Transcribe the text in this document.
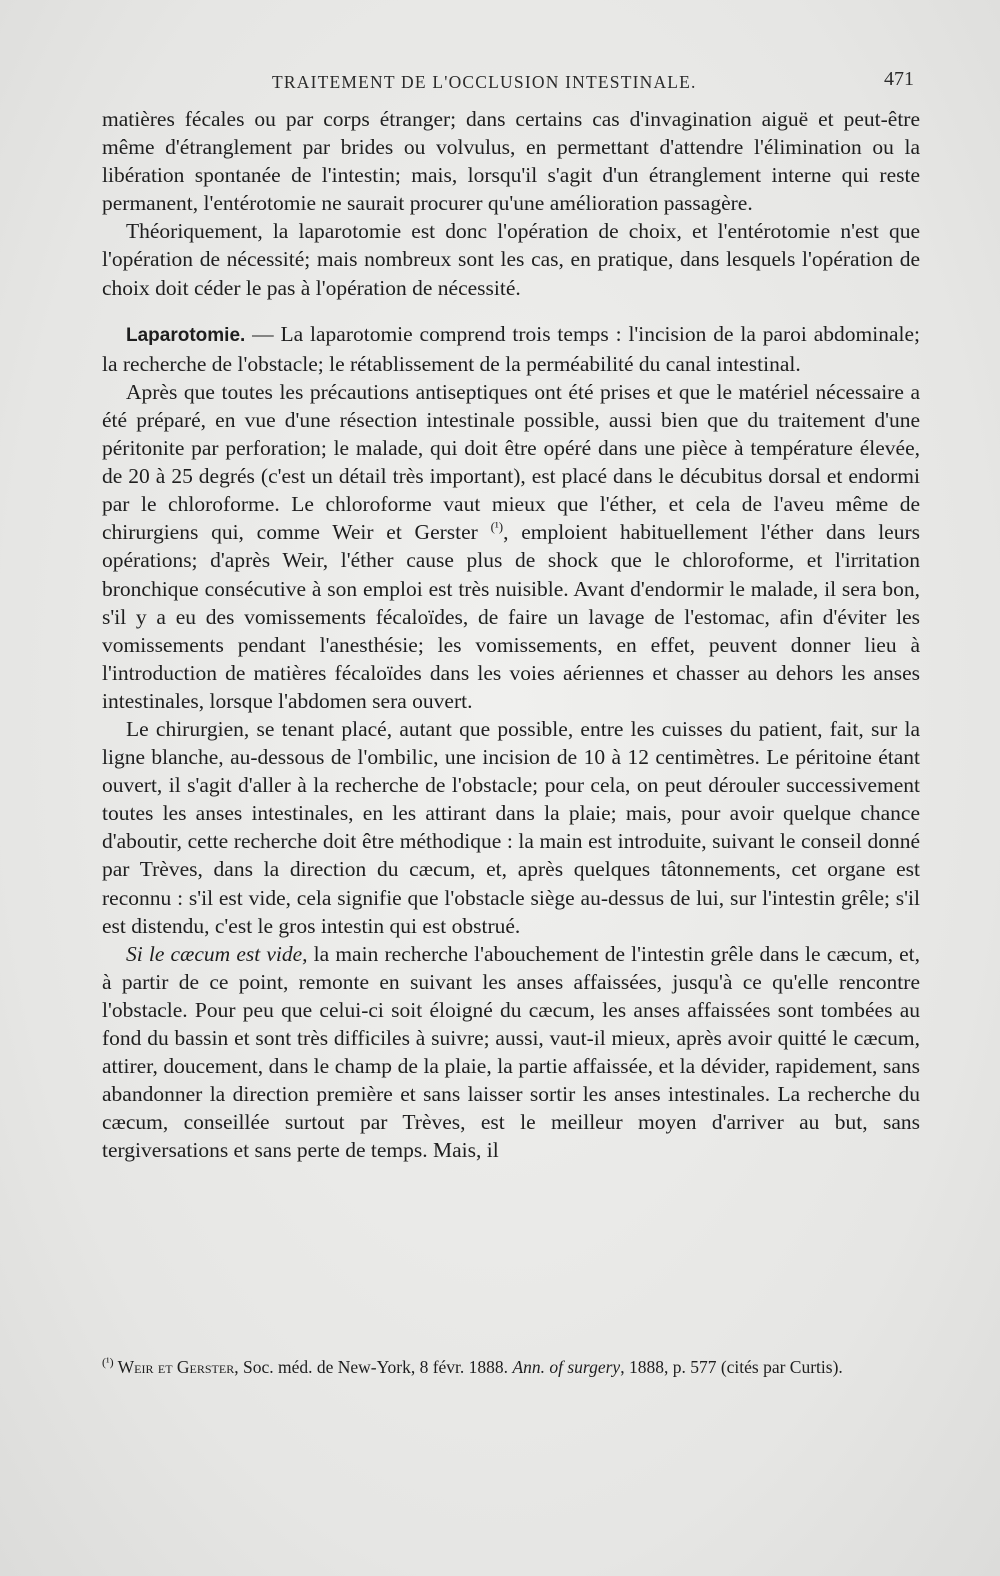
TRAITEMENT DE L'OCCLUSION INTESTINALE.	471

matières fécales ou par corps étranger; dans certains cas d'invagination aiguë et peut-être même d'étranglement par brides ou volvulus, en permettant d'attendre l'élimination ou la libération spontanée de l'intestin; mais, lorsqu'il s'agit d'un étranglement interne qui reste permanent, l'entérotomie ne saurait procurer qu'une amélioration passagère.

Théoriquement, la laparotomie est donc l'opération de choix, et l'entérotomie n'est que l'opération de nécessité; mais nombreux sont les cas, en pratique, dans lesquels l'opération de choix doit céder le pas à l'opération de nécessité.

Laparotomie. — La laparotomie comprend trois temps : l'incision de la paroi abdominale; la recherche de l'obstacle; le rétablissement de la perméabilité du canal intestinal.

Après que toutes les précautions antiseptiques ont été prises et que le matériel nécessaire a été préparé, en vue d'une résection intestinale possible, aussi bien que du traitement d'une péritonite par perforation; le malade, qui doit être opéré dans une pièce à température élevée, de 20 à 25 degrés (c'est un détail très important), est placé dans le décubitus dorsal et endormi par le chloroforme. Le chloroforme vaut mieux que l'éther, et cela de l'aveu même de chirurgiens qui, comme Weir et Gerster $^{(^1)}$, emploient habituellement l'éther dans leurs opérations; d'après Weir, l'éther cause plus de shock que le chloroforme, et l'irritation bronchique consécutive à son emploi est très nuisible. Avant d'endormir le malade, il sera bon, s'il y a eu des vomissements fécaloïdes, de faire un lavage de l'estomac, afin d'éviter les vomissements pendant l'anesthésie; les vomissements, en effet, peuvent donner lieu à l'introduction de matières fécaloïdes dans les voies aériennes et chasser au dehors les anses intestinales, lorsque l'abdomen sera ouvert.

Le chirurgien, se tenant placé, autant que possible, entre les cuisses du patient, fait, sur la ligne blanche, au-dessous de l'ombilic, une incision de 10 à 12 centimètres. Le péritoine étant ouvert, il s'agit d'aller à la recherche de l'obstacle; pour cela, on peut dérouler successivement toutes les anses intestinales, en les attirant dans la plaie; mais, pour avoir quelque chance d'aboutir, cette recherche doit être méthodique : la main est introduite, suivant le conseil donné par Trèves, dans la direction du cæcum, et, après quelques tâtonnements, cet organe est reconnu : s'il est vide, cela signifie que l'obstacle siège au-dessus de lui, sur l'intestin grêle; s'il est distendu, c'est le gros intestin qui est obstrué.

Si le cæcum est vide, la main recherche l'abouchement de l'intestin grêle dans le cæcum, et, à partir de ce point, remonte en suivant les anses affaissées, jusqu'à ce qu'elle rencontre l'obstacle. Pour peu que celui-ci soit éloigné du cæcum, les anses affaissées sont tombées au fond du bassin et sont très difficiles à suivre; aussi, vaut-il mieux, après avoir quitté le cæcum, attirer, doucement, dans le champ de la plaie, la partie affaissée, et la dévider, rapidement, sans abandonner la direction première et sans laisser sortir les anses intestinales. La recherche du cæcum, conseillée surtout par Trèves, est le meilleur moyen d'arriver au but, sans tergiversations et sans perte de temps. Mais, il

$^{(^1)}$ Weir et Gerster, Soc. méd. de New-York, 8 févr. 1888. Ann. of surgery, 1888, p. 577 (cités par Curtis).
